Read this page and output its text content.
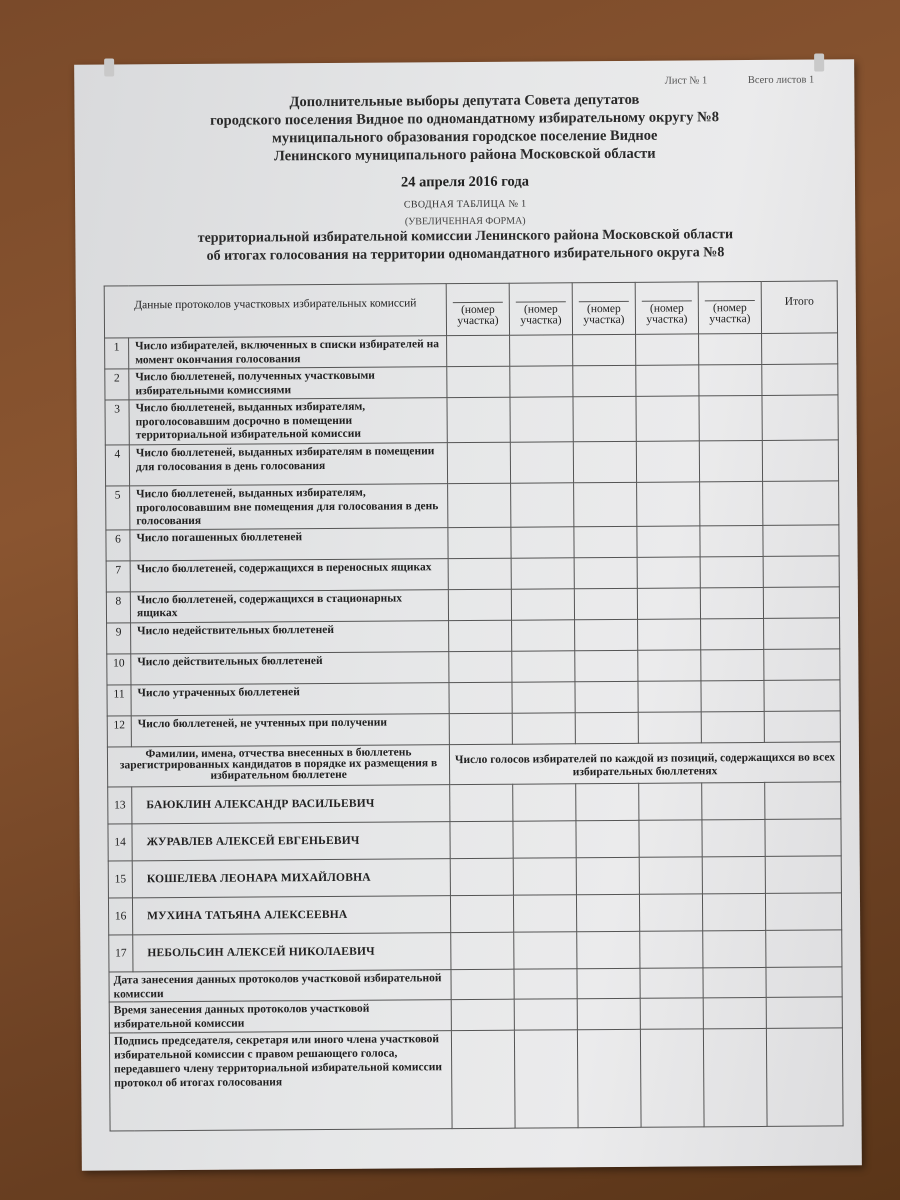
Лист № 1	Всего листов 1
Дополнительные выборы депутата Совета депутатов
городского поселения Видное по одномандатному избирательному округу №8
муниципального образования городское поселение Видное
Ленинского муниципального района Московской области
24 апреля 2016 года
СВОДНАЯ ТАБЛИЦА № 1
(УВЕЛИЧЕННАЯ ФОРМА)
территориальной избирательной комиссии Ленинского района Московской области
об итогах голосования на территории одномандатного избирательного округа №8
Данные протоколов участковых избирательных комиссий		(номер участка)	(номер участка)	(номер участка)	(номер участка)	(номер участка)	Итого
1	Число избирателей, включенных в списки избирателей на момент окончания голосования						
2	Число бюллетеней, полученных участковыми избирательными комиссиями						
3	Число бюллетеней, выданных избирателям, проголосовавшим досрочно в помещении территориальной избирательной комиссии						
4	Число бюллетеней, выданных избирателям в помещении для голосования в день голосования						
5	Число бюллетеней, выданных избирателям, проголосовавшим вне помещения для голосования в день голосования						
6	Число погашенных бюллетеней						
7	Число бюллетеней, содержащихся в переносных ящиках						
8	Число бюллетеней, содержащихся в стационарных ящиках						
9	Число недействительных бюллетеней						
10	Число действительных бюллетеней						
11	Число утраченных бюллетеней						
12	Число бюллетеней, не учтенных при получении						
Фамилии, имена, отчества внесенных в бюллетень зарегистрированных кандидатов в порядке их размещения в избирательном бюллетене		Число голосов избирателей по каждой из позиций, содержащихся во всех избирательных бюллетенях					
13	БАЮКЛИН АЛЕКСАНДР ВАСИЛЬЕВИЧ						
14	ЖУРАВЛЕВ АЛЕКСЕЙ ЕВГЕНЬЕВИЧ						
15	КОШЕЛЕВА ЛЕОНАРА МИХАЙЛОВНА						
16	МУХИНА ТАТЬЯНА АЛЕКСЕЕВНА						
17	НЕБОЛЬСИН АЛЕКСЕЙ НИКОЛАЕВИЧ						
Дата занесения данных протоколов участковой избирательной комиссии							
Время занесения данных протоколов участковой избирательной комиссии							
Подпись председателя, секретаря или иного члена участковой избирательной комиссии с правом решающего голоса, передавшего члену территориальной избирательной комиссии протокол об итогах голосования							
